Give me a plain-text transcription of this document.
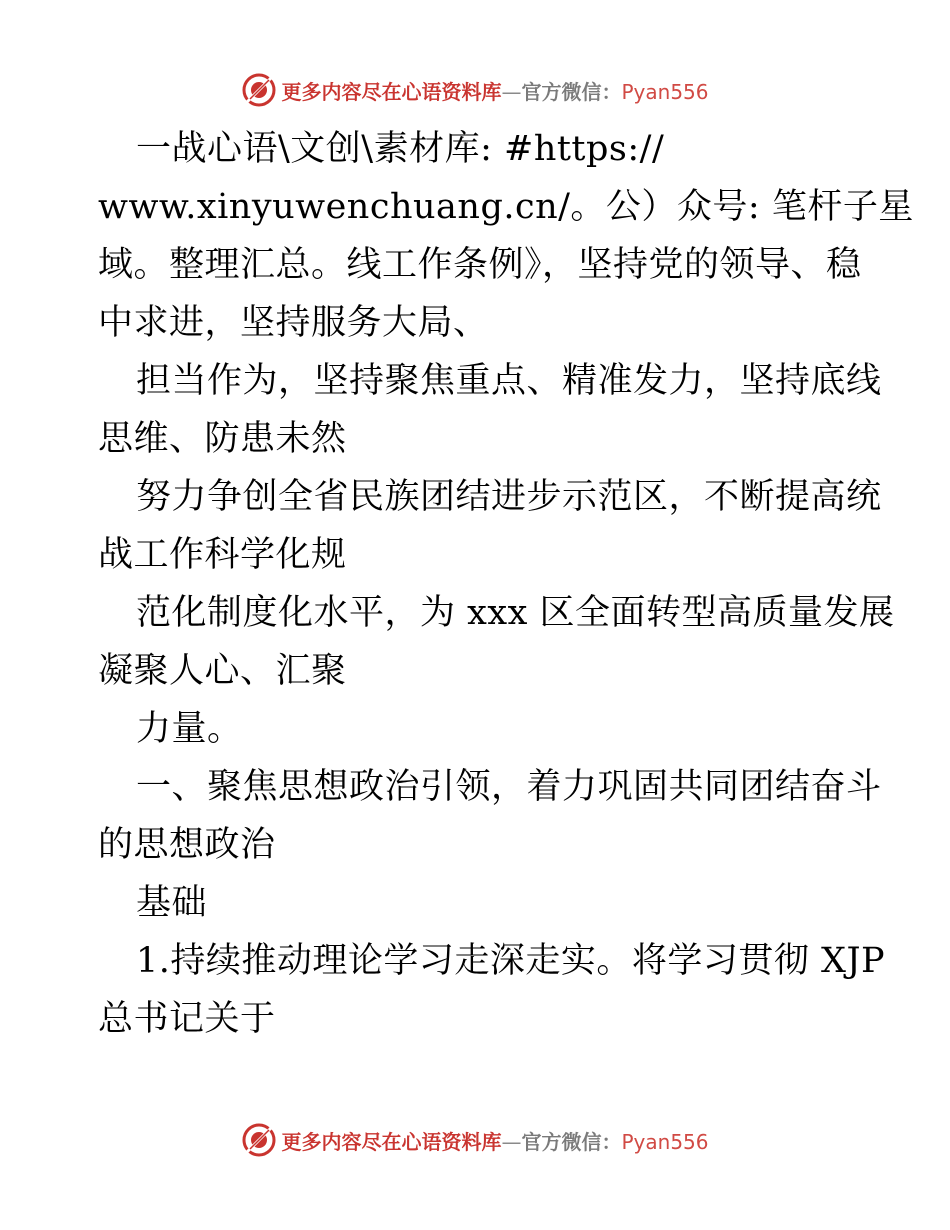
更多内容尽在心语资料库—官方微信：Pyan556
一战心语\文创\素材库: #https://
www.xinyuwenchuang.cn/。公）众号: 笔杆子星
域。整理汇总。线工作条例》，坚持党的领导、稳
中求进，坚持服务大局、
担当作为，坚持聚焦重点、精准发力，坚持底线
思维、防患未然
努力争创全省民族团结进步示范区，不断提高统
战工作科学化规
范化制度化水平，为 xxx 区全面转型高质量发展
凝聚人心、汇聚
力量。
一、聚焦思想政治引领，着力巩固共同团结奋斗
的思想政治
基础
1.持续推动理论学习走深走实。将学习贯彻 XJP
总书记关于
更多内容尽在心语资料库—官方微信：Pyan556
